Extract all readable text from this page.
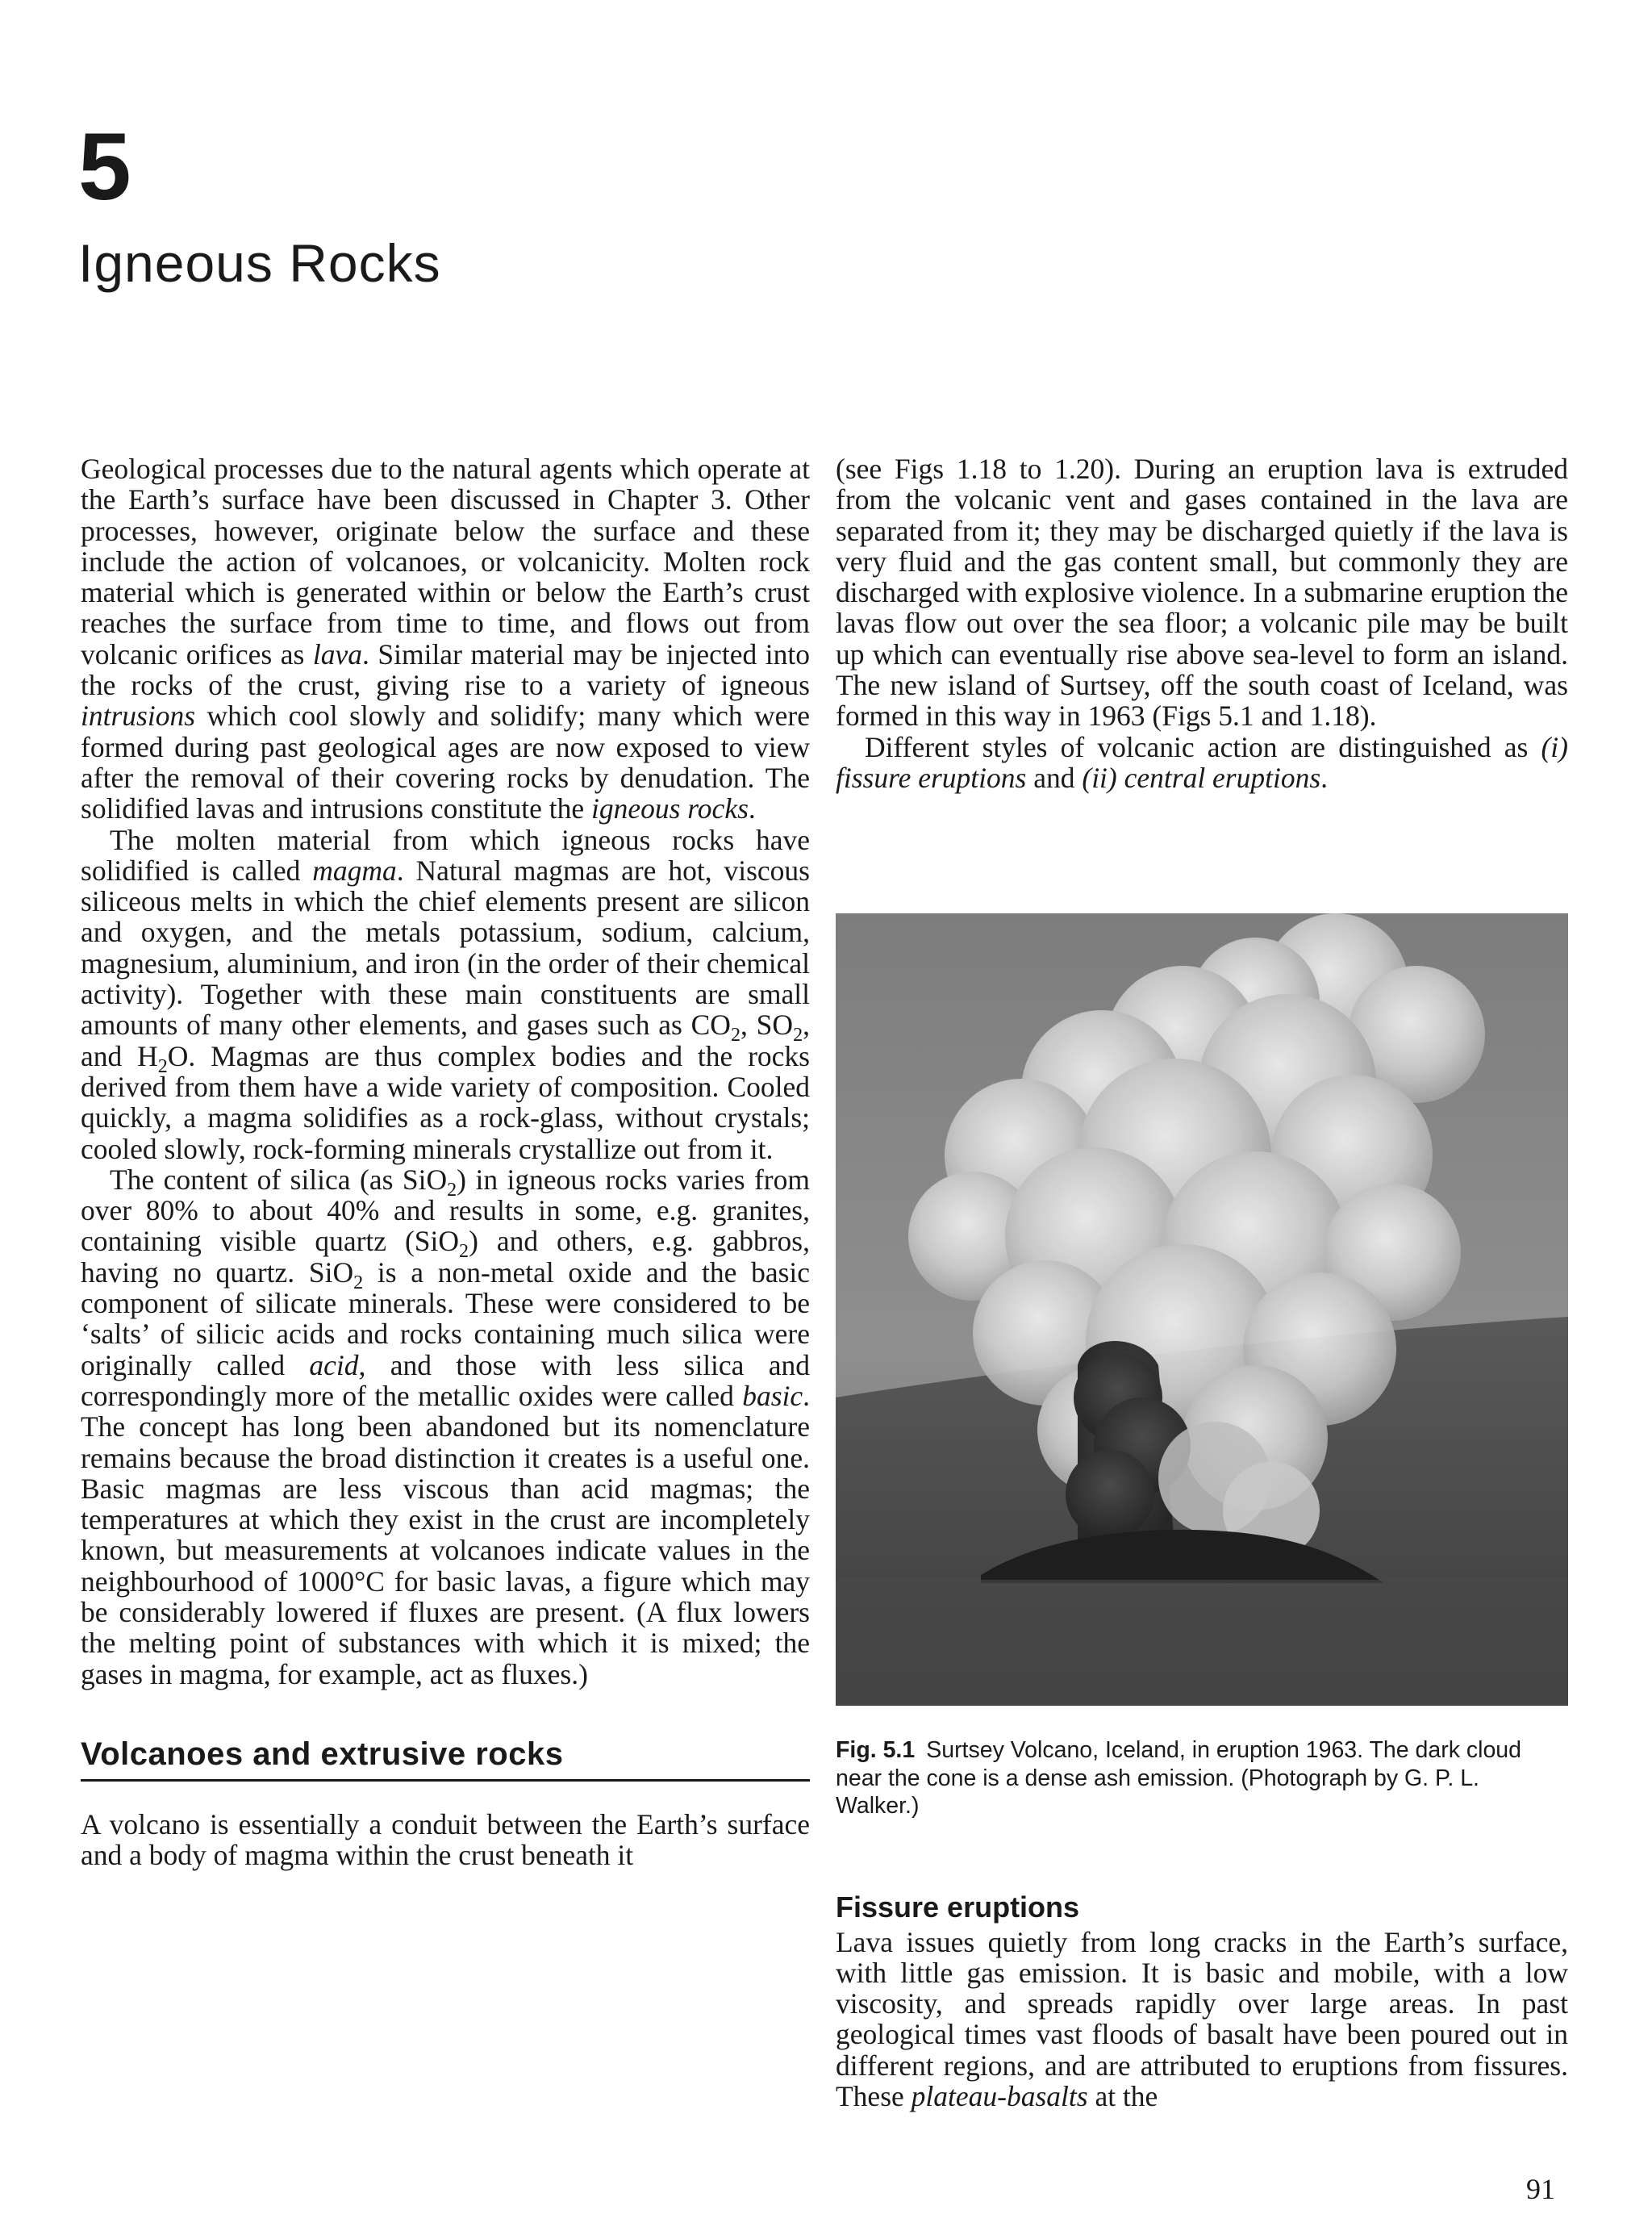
5
Igneous Rocks

Geological processes due to the natural agents which operate at the Earth’s surface have been discussed in Chapter 3. Other processes, however, originate below the surface and these include the action of volcanoes, or volcanicity. Molten rock material which is generated within or below the Earth’s crust reaches the surface from time to time, and flows out from volcanic orifices as lava. Similar material may be injected into the rocks of the crust, giving rise to a variety of igneous intrusions which cool slowly and solidify; many which were formed during past geological ages are now exposed to view after the removal of their covering rocks by denudation. The solidified lavas and intrusions constitute the igneous rocks.

The molten material from which igneous rocks have solidified is called magma. Natural magmas are hot, viscous siliceous melts in which the chief elements present are silicon and oxygen, and the metals potassium, sodium, calcium, magnesium, aluminium, and iron (in the order of their chemical activity). Together with these main constituents are small amounts of many other elements, and gases such as $CO_2$, $SO_2$, and $H_2O$. Magmas are thus complex bodies and the rocks derived from them have a wide variety of composition. Cooled quickly, a magma solidifies as a rock-glass, without crystals; cooled slowly, rock-forming minerals crystallize out from it.

The content of silica (as SiO$_2$) in igneous rocks varies from over 80% to about 40% and results in some, e.g. granites, containing visible quartz (SiO$_2$) and others, e.g. gabbros, having no quartz. SiO$_2$ is a non-metal oxide and the basic component of silicate minerals. These were considered to be ‘salts’ of silicic acids and rocks containing much silica were originally called acid, and those with less silica and correspondingly more of the metallic oxides were called basic. The concept has long been abandoned but its nomenclature remains because the broad distinction it creates is a useful one. Basic magmas are less viscous than acid magmas; the temperatures at which they exist in the crust are incompletely known, but measurements at volcanoes indicate values in the neighbourhood of 1000°C for basic lavas, a figure which may be considerably lowered if fluxes are present. (A flux lowers the melting point of substances with which it is mixed; the gases in magma, for example, act as fluxes.)

Volcanoes and extrusive rocks

A volcano is essentially a conduit between the Earth’s surface and a body of magma within the crust beneath it

(see Figs 1.18 to 1.20). During an eruption lava is extruded from the volcanic vent and gases contained in the lava are separated from it; they may be discharged quietly if the lava is very fluid and the gas content small, but commonly they are discharged with explosive violence. In a submarine eruption the lavas flow out over the sea floor; a volcanic pile may be built up which can eventually rise above sea-level to form an island. The new island of Surtsey, off the south coast of Iceland, was formed in this way in 1963 (Figs 5.1 and 1.18).

Different styles of volcanic action are distinguished as (i) fissure eruptions and (ii) central eruptions.

Fig. 5.1 Surtsey Volcano, Iceland, in eruption 1963. The dark cloud near the cone is a dense ash emission. (Photograph by G. P. L. Walker.)
Fissure eruptions

Lava issues quietly from long cracks in the Earth’s surface, with little gas emission. It is basic and mobile, with a low viscosity, and spreads rapidly over large areas. In past geological times vast floods of basalt have been poured out in different regions, and are attributed to eruptions from fissures. These plateau-basalts at the

91
